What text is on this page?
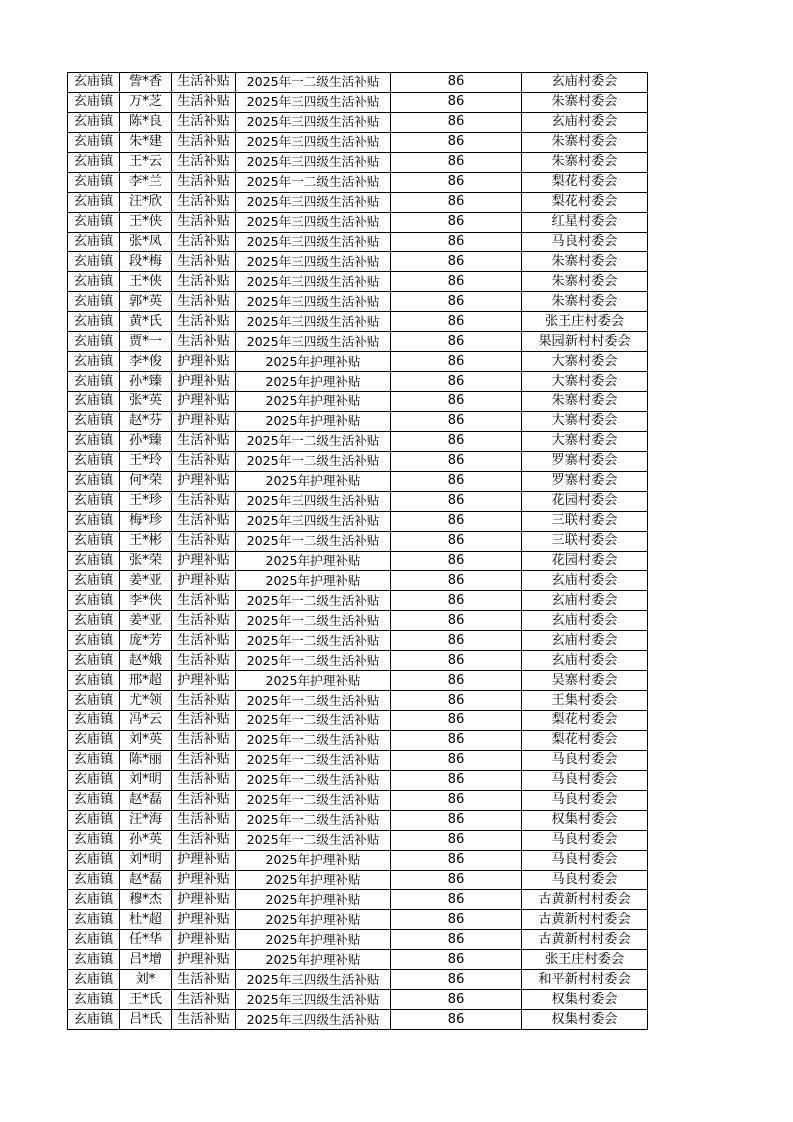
玄庙镇	訾*香	生活补贴	2025年一二级生活补贴	86	玄庙村委会
玄庙镇	万*芝	生活补贴	2025年三四级生活补贴	86	朱寨村委会
玄庙镇	陈*良	生活补贴	2025年三四级生活补贴	86	玄庙村委会
玄庙镇	朱*建	生活补贴	2025年三四级生活补贴	86	朱寨村委会
玄庙镇	王*云	生活补贴	2025年三四级生活补贴	86	朱寨村委会
玄庙镇	李*兰	生活补贴	2025年一二级生活补贴	86	梨花村委会
玄庙镇	汪*欣	生活补贴	2025年三四级生活补贴	86	梨花村委会
玄庙镇	王*侠	生活补贴	2025年三四级生活补贴	86	红星村委会
玄庙镇	张*凤	生活补贴	2025年三四级生活补贴	86	马良村委会
玄庙镇	段*梅	生活补贴	2025年三四级生活补贴	86	朱寨村委会
玄庙镇	王*侠	生活补贴	2025年三四级生活补贴	86	朱寨村委会
玄庙镇	郭*英	生活补贴	2025年三四级生活补贴	86	朱寨村委会
玄庙镇	黄*氏	生活补贴	2025年三四级生活补贴	86	张王庄村委会
玄庙镇	贾*一	生活补贴	2025年三四级生活补贴	86	果园新村村委会
玄庙镇	李*俊	护理补贴	2025年护理补贴	86	大寨村委会
玄庙镇	孙*臻	护理补贴	2025年护理补贴	86	大寨村委会
玄庙镇	张*英	护理补贴	2025年护理补贴	86	朱寨村委会
玄庙镇	赵*芬	护理补贴	2025年护理补贴	86	大寨村委会
玄庙镇	孙*臻	生活补贴	2025年一二级生活补贴	86	大寨村委会
玄庙镇	王*玲	生活补贴	2025年一二级生活补贴	86	罗寨村委会
玄庙镇	何*荣	护理补贴	2025年护理补贴	86	罗寨村委会
玄庙镇	王*珍	生活补贴	2025年三四级生活补贴	86	花园村委会
玄庙镇	梅*珍	生活补贴	2025年三四级生活补贴	86	三联村委会
玄庙镇	王*彬	生活补贴	2025年一二级生活补贴	86	三联村委会
玄庙镇	张*荣	护理补贴	2025年护理补贴	86	花园村委会
玄庙镇	姜*亚	护理补贴	2025年护理补贴	86	玄庙村委会
玄庙镇	李*侠	生活补贴	2025年一二级生活补贴	86	玄庙村委会
玄庙镇	姜*亚	生活补贴	2025年一二级生活补贴	86	玄庙村委会
玄庙镇	庞*芳	生活补贴	2025年一二级生活补贴	86	玄庙村委会
玄庙镇	赵*娥	生活补贴	2025年一二级生活补贴	86	玄庙村委会
玄庙镇	邢*超	护理补贴	2025年护理补贴	86	吴寨村委会
玄庙镇	尤*领	生活补贴	2025年一二级生活补贴	86	王集村委会
玄庙镇	冯*云	生活补贴	2025年一二级生活补贴	86	梨花村委会
玄庙镇	刘*英	生活补贴	2025年一二级生活补贴	86	梨花村委会
玄庙镇	陈*丽	生活补贴	2025年一二级生活补贴	86	马良村委会
玄庙镇	刘*明	生活补贴	2025年一二级生活补贴	86	马良村委会
玄庙镇	赵*磊	生活补贴	2025年一二级生活补贴	86	马良村委会
玄庙镇	汪*海	生活补贴	2025年一二级生活补贴	86	权集村委会
玄庙镇	孙*英	生活补贴	2025年一二级生活补贴	86	马良村委会
玄庙镇	刘*明	护理补贴	2025年护理补贴	86	马良村委会
玄庙镇	赵*磊	护理补贴	2025年护理补贴	86	马良村委会
玄庙镇	穆*杰	护理补贴	2025年护理补贴	86	古黄新村村委会
玄庙镇	杜*超	护理补贴	2025年护理补贴	86	古黄新村村委会
玄庙镇	任*华	护理补贴	2025年护理补贴	86	古黄新村村委会
玄庙镇	吕*增	护理补贴	2025年护理补贴	86	张王庄村委会
玄庙镇	刘*	生活补贴	2025年三四级生活补贴	86	和平新村村委会
玄庙镇	王*氏	生活补贴	2025年三四级生活补贴	86	权集村委会
玄庙镇	吕*氏	生活补贴	2025年三四级生活补贴	86	权集村委会
